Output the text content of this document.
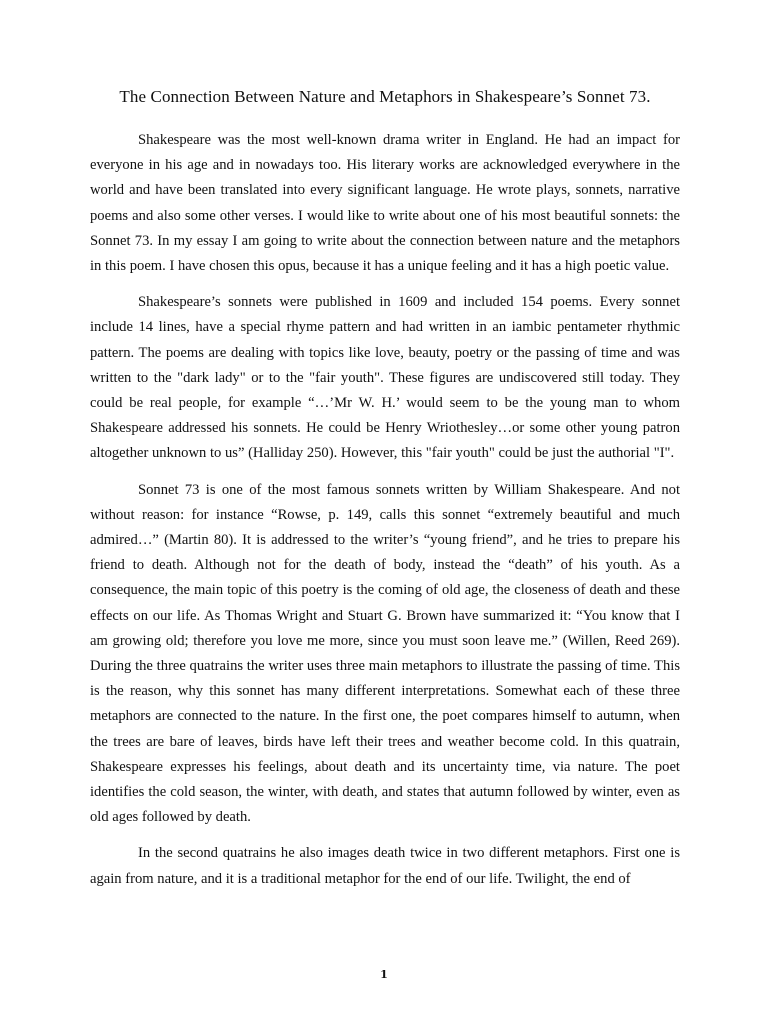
The Connection Between Nature and Metaphors in Shakespeare’s Sonnet 73.

Shakespeare was the most well-known drama writer in England. He had an impact for everyone in his age and in nowadays too. His literary works are acknowledged everywhere in the world and have been translated into every significant language. He wrote plays, sonnets, narrative poems and also some other verses. I would like to write about one of his most beautiful sonnets: the Sonnet 73. In my essay I am going to write about the connection between nature and the metaphors in this poem. I have chosen this opus, because it has a unique feeling and it has a high poetic value.

Shakespeare’s sonnets were published in 1609 and included 154 poems. Every sonnet include 14 lines, have a special rhyme pattern and had written in an iambic pentameter rhythmic pattern. The poems are dealing with topics like love, beauty, poetry or the passing of time and was written to the "dark lady" or to the "fair youth". These figures are undiscovered still today. They could be real people, for example “…’Mr W. H.’ would seem to be the young man to whom Shakespeare addressed his sonnets. He could be Henry Wriothesley…or some other young patron altogether unknown to us” (Halliday 250). However, this "fair youth" could be just the authorial "I".

Sonnet 73 is one of the most famous sonnets written by William Shakespeare. And not without reason: for instance “Rowse, p. 149, calls this sonnet “extremely beautiful and much admired…” (Martin 80). It is addressed to the writer’s “young friend”, and he tries to prepare his friend to death. Although not for the death of body, instead the “death” of his youth. As a consequence, the main topic of this poetry is the coming of old age, the closeness of death and these effects on our life. As Thomas Wright and Stuart G. Brown have summarized it: “You know that I am growing old; therefore you love me more, since you must soon leave me.” (Willen, Reed 269). During the three quatrains the writer uses three main metaphors to illustrate the passing of time. This is the reason, why this sonnet has many different interpretations. Somewhat each of these three metaphors are connected to the nature. In the first one, the poet compares himself to autumn, when the trees are bare of leaves, birds have left their trees and weather become cold. In this quatrain, Shakespeare expresses his feelings, about death and its uncertainty time, via nature. The poet identifies the cold season, the winter, with death, and states that autumn followed by winter, even as old ages followed by death.

In the second quatrains he also images death twice in two different metaphors. First one is again from nature, and it is a traditional metaphor for the end of our life. Twilight, the end of

1
